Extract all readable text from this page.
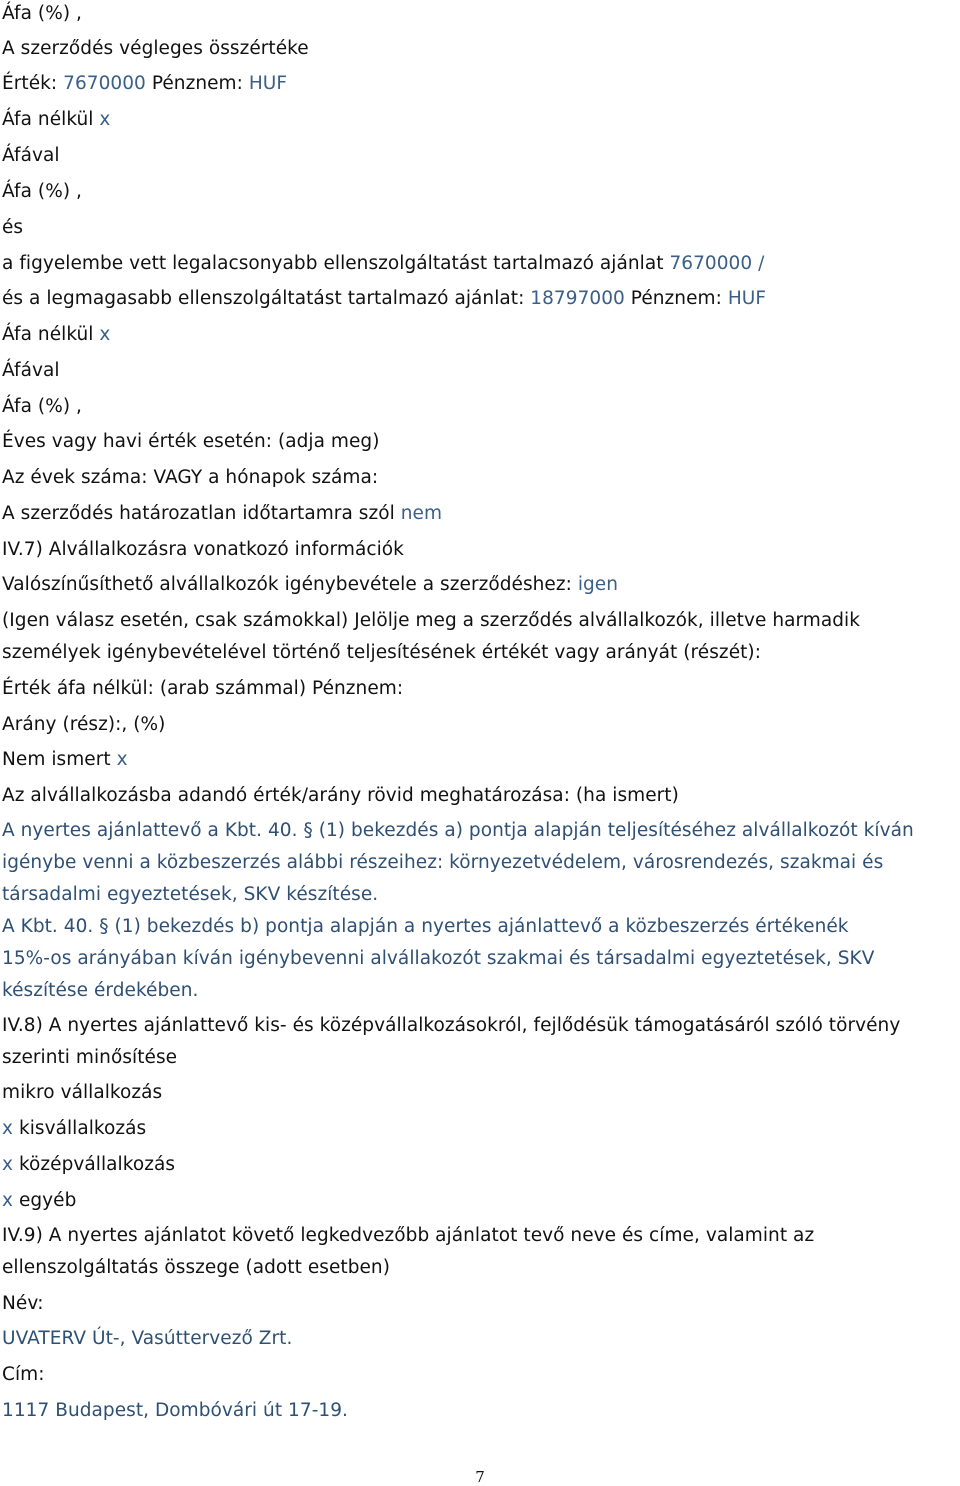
Áfa (%) ,
A szerződés végleges összértéke
Érték: 7670000 Pénznem: HUF
Áfa nélkül x
Áfával
Áfa (%) ,
és
a figyelembe vett legalacsonyabb ellenszolgáltatást tartalmazó ajánlat 7670000 /
és a legmagasabb ellenszolgáltatást tartalmazó ajánlat: 18797000 Pénznem: HUF
Áfa nélkül x
Áfával
Áfa (%) ,
Éves vagy havi érték esetén: (adja meg)
Az évek száma: VAGY a hónapok száma:
A szerződés határozatlan időtartamra szól nem
IV.7) Alvállalkozásra vonatkozó információk
Valószínűsíthető alvállalkozók igénybevétele a szerződéshez: igen
(Igen válasz esetén, csak számokkal) Jelölje meg a szerződés alvállalkozók, illetve harmadik
személyek igénybevételével történő teljesítésének értékét vagy arányát (részét):
Érték áfa nélkül: (arab számmal) Pénznem:
Arány (rész):, (%)
Nem ismert x
Az alvállalkozásba adandó érték/arány rövid meghatározása: (ha ismert)
A nyertes ajánlattevő a Kbt. 40. § (1) bekezdés a) pontja alapján teljesítéséhez alvállalkozót kíván
igénybe venni a közbeszerzés alábbi részeihez: környezetvédelem, városrendezés, szakmai és
társadalmi egyeztetések, SKV készítése.
A Kbt. 40. § (1) bekezdés b) pontja alapján a nyertes ajánlattevő a közbeszerzés értékenék
15%-os arányában kíván igénybevenni alvállakozót szakmai és társadalmi egyeztetések, SKV
készítése érdekében.
IV.8) A nyertes ajánlattevő kis- és középvállalkozásokról, fejlődésük támogatásáról szóló törvény
szerinti minősítése
mikro vállalkozás
x kisvállalkozás
x középvállalkozás
x egyéb
IV.9) A nyertes ajánlatot követő legkedvezőbb ajánlatot tevő neve és címe, valamint az
ellenszolgáltatás összege (adott esetben)
Név:
UVATERV Út-, Vasúttervező Zrt.
Cím:
1117 Budapest, Dombóvári út 17-19.
7
